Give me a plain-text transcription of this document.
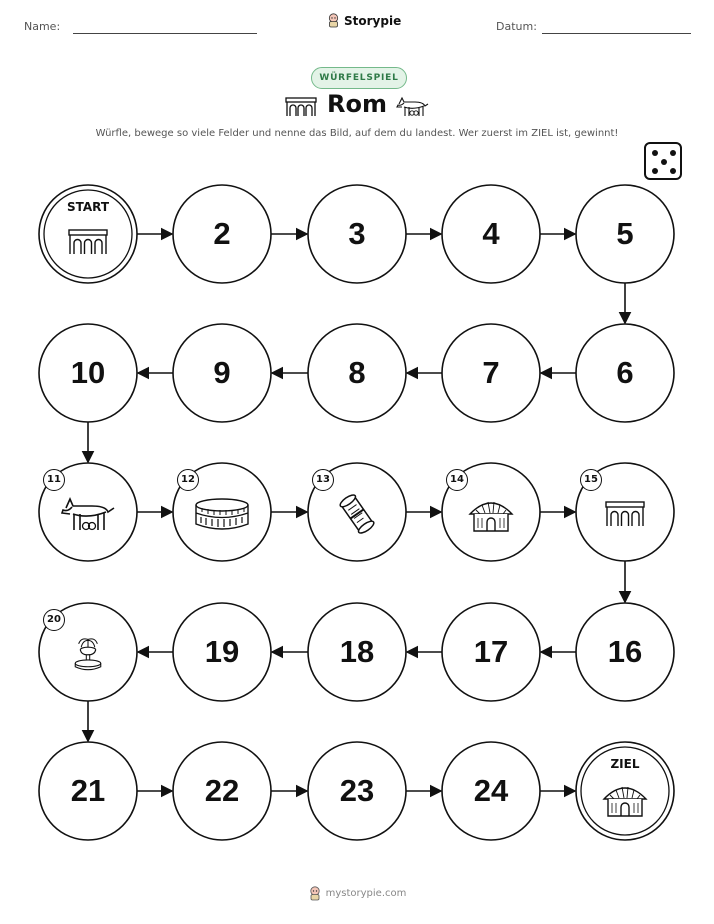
Name:	Storypie	Datum:
WÜRFELSPIEL
Rom
Würfle, bewege so viele Felder und nenne das Bild, auf dem du landest. Wer zuerst im ZIEL ist, gewinnt!
START
2	3	4	5
6
7
8
9
10
11	12	13	14	15
16
17
18
19
20
21	22	23	24
ZIEL
mystorypie.com
